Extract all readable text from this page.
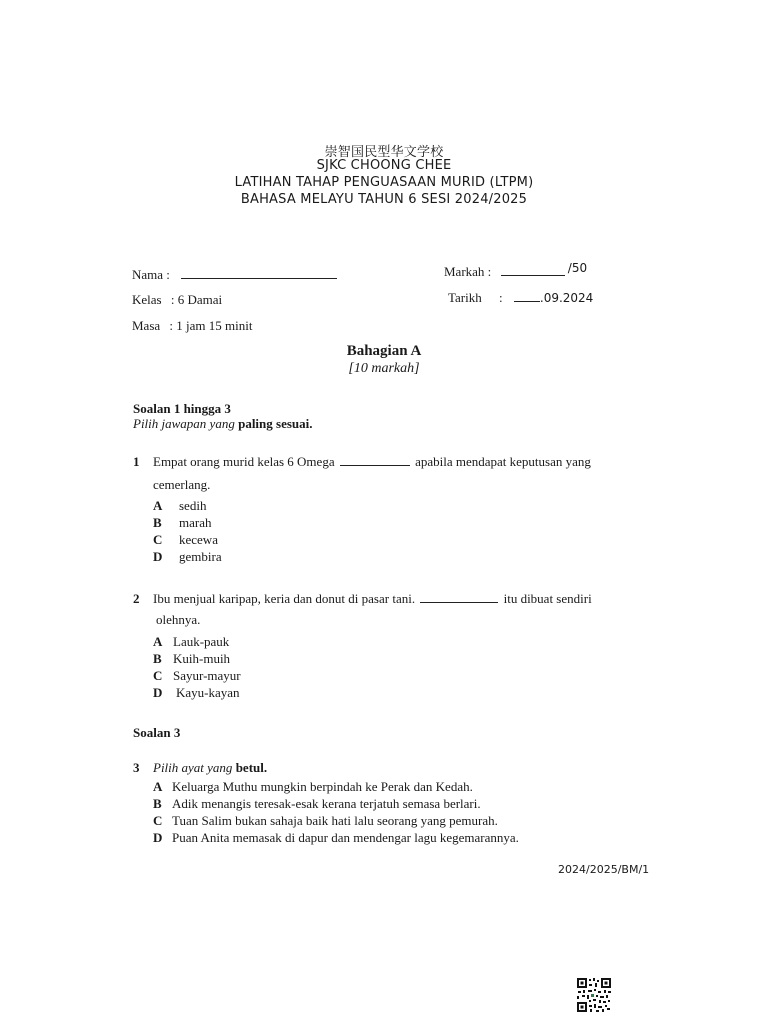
崇智国民型华文学校
SJKC CHOONG CHEE
LATIHAN TAHAP PENGUASAAN MURID (LTPM)
BAHASA MELAYU TAHUN 6 SESI 2024/2025
Nama :	Markah :	/50
Kelas : 6 Damai	Tarikh :	.09.2024
Masa : 1 jam 15 minit
Bahagian A
[10 markah]
Soalan 1 hingga 3
Pilih jawapan yang paling sesuai.
1 Empat orang murid kelas 6 Omega	apabila mendapat keputusan yang
cemerlang.
A sedih
B marah
C kecewa
D gembira
2 Ibu menjual karipap, keria dan donut di pasar tani.	itu dibuat sendiri
olehnya.
A Lauk-pauk
B Kuih-muih
C Sayur-mayur
D Kayu-kayan
Soalan 3
3 Pilih ayat yang betul.
A Keluarga Muthu mungkin berpindah ke Perak dan Kedah.
B Adik menangis teresak-esak kerana terjatuh semasa berlari.
C Tuan Salim bukan sahaja baik hati lalu seorang yang pemurah.
D Puan Anita memasak di dapur dan mendengar lagu kegemarannya.
2024/2025/BM/1
